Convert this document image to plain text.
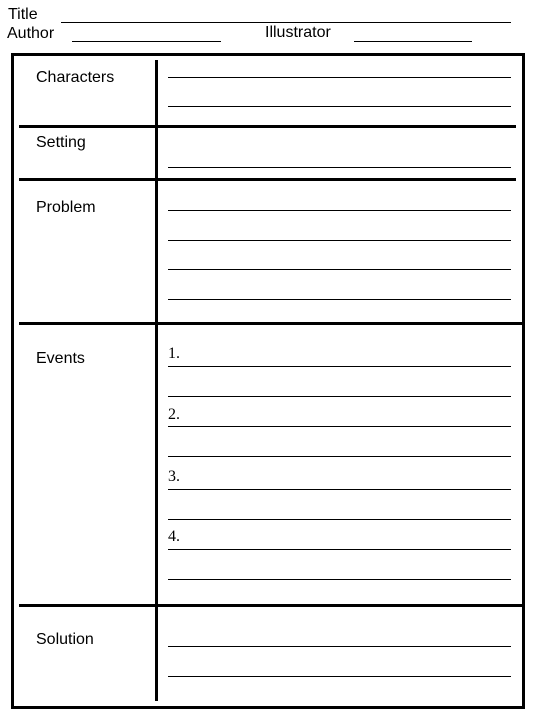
Title
Author	Illustrator
Characters
Setting
Problem
Events
Solution
1.
2.
3.
4.
